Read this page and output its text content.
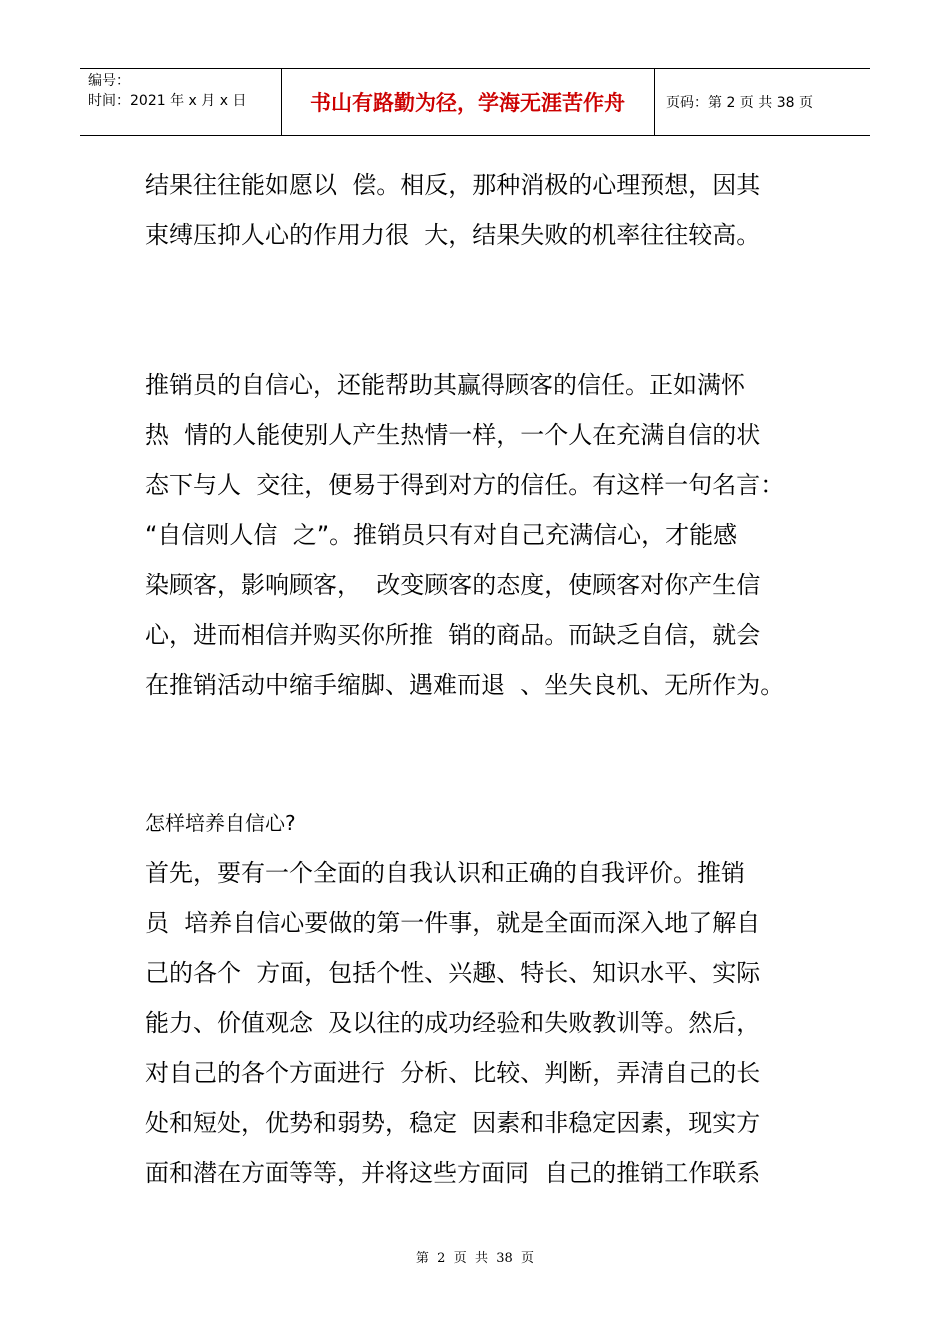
编号：
时间：2021 年 x 月 x 日	书山有路勤为径，学海无涯苦作舟	页码：第 2 页 共 38 页
结果往往能如愿以  偿。相反，那种消极的心理预想，因其
束缚压抑人心的作用力很  大，结果失败的机率往往较高。
推销员的自信心，还能帮助其赢得顾客的信任。正如满怀
热  情的人能使别人产生热情一样，一个人在充满自信的状
态下与人  交往，便易于得到对方的信任。有这样一句名言：
“自信则人信  之”。推销员只有对自己充满信心，才能感
染顾客，影响顾客，  改变顾客的态度，使顾客对你产生信
心，进而相信并购买你所推  销的商品。而缺乏自信，就会
在推销活动中缩手缩脚、遇难而退  、坐失良机、无所作为。
怎样培养自信心?
首先，要有一个全面的自我认识和正确的自我评价。推销
员  培养自信心要做的第一件事，就是全面而深入地了解自
己的各个  方面，包括个性、兴趣、特长、知识水平、实际
能力、价值观念  及以往的成功经验和失败教训等。然后，
对自己的各个方面进行  分析、比较、判断，弄清自己的长
处和短处，优势和弱势，稳定  因素和非稳定因素，现实方
面和潜在方面等等，并将这些方面同  自己的推销工作联系
第  2  页  共  38  页
